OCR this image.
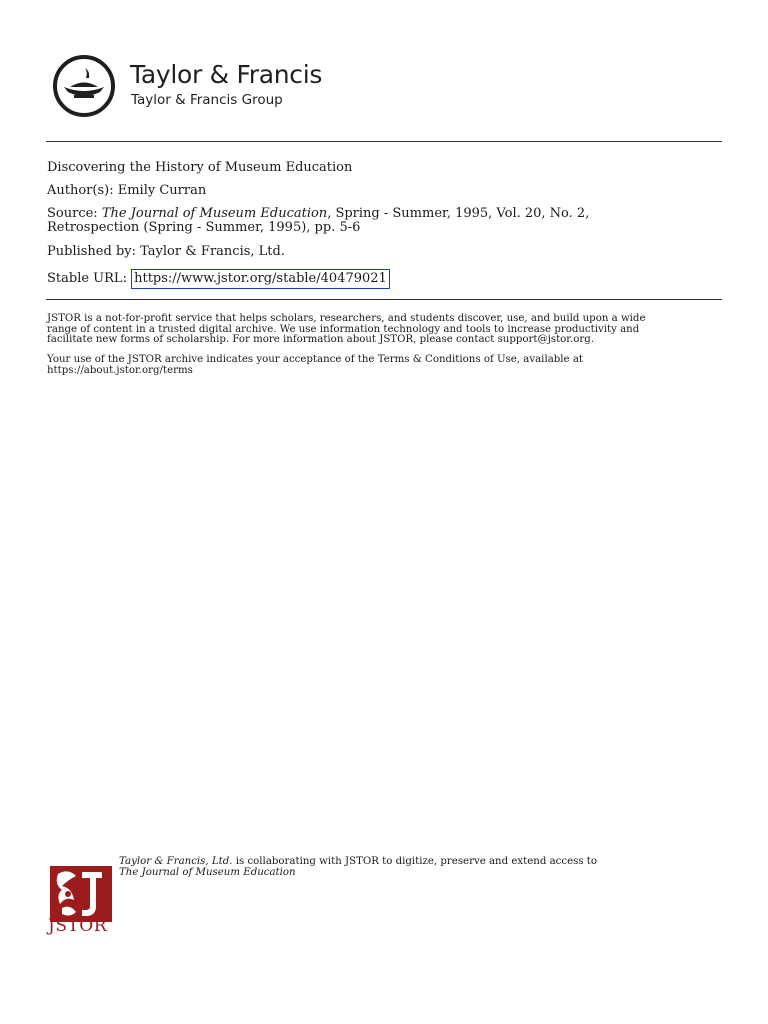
Taylor & Francis
Taylor & Francis Group
Discovering the History of Museum Education
Author(s): Emily Curran
Source: The Journal of Museum Education, Spring - Summer, 1995, Vol. 20, No. 2,
Retrospection (Spring - Summer, 1995), pp. 5-6
Published by: Taylor & Francis, Ltd.
Stable URL: https://www.jstor.org/stable/40479021
JSTOR is a not-for-profit service that helps scholars, researchers, and students discover, use, and build upon a wide
range of content in a trusted digital archive. We use information technology and tools to increase productivity and
facilitate new forms of scholarship. For more information about JSTOR, please contact support@jstor.org.
Your use of the JSTOR archive indicates your acceptance of the Terms & Conditions of Use, available at
https://about.jstor.org/terms
JSTOR
Taylor & Francis, Ltd. is collaborating with JSTOR to digitize, preserve and extend access to
The Journal of Museum Education
